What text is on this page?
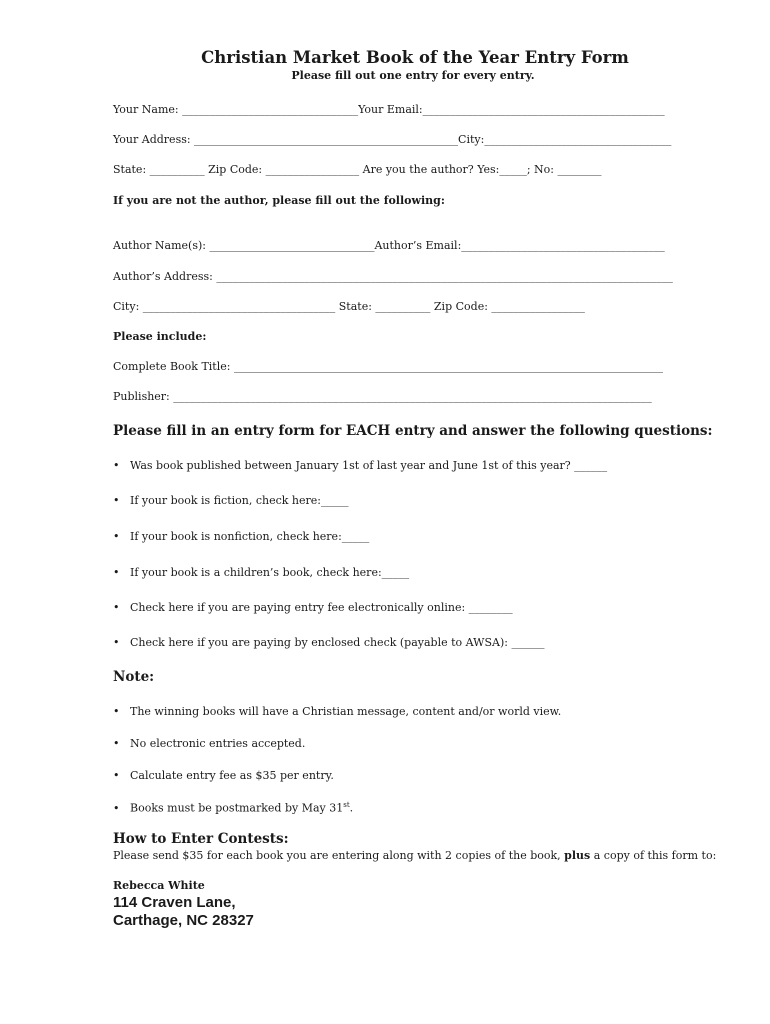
Christian Market Book of the Year Entry Form
Please fill out one entry for every entry.
Your Name: ________________________________Your Email:____________________________________________
Your Address: ________________________________________________City:__________________________________
State: __________ Zip Code: _________________ Are you the author? Yes:_____; No: ________
If you are not the author, please fill out the following:
Author Name(s): ______________________________Author’s Email:_____________________________________
Author’s Address: ___________________________________________________________________________________
City: ___________________________________ State: __________ Zip Code: _________________
Please include:
Complete Book Title: ______________________________________________________________________________
Publisher: _______________________________________________________________________________________
Please fill in an entry form for EACH entry and answer the following questions:
• Was book published between January 1st of last year and June 1st of this year? ______
• If your book is fiction, check here:_____
• If your book is nonfiction, check here:_____
• If your book is a children’s book, check here:_____
• Check here if you are paying entry fee electronically online: ________
• Check here if you are paying by enclosed check (payable to AWSA): ______
Note:
• The winning books will have a Christian message, content and/or world view.
• No electronic entries accepted.
• Calculate entry fee as $35 per entry.
• Books must be postmarked by May 31st.
How to Enter Contests:
Please send $35 for each book you are entering along with 2 copies of the book, plus a copy of this form to:
Rebecca White
114 Craven Lane,
Carthage, NC 28327
